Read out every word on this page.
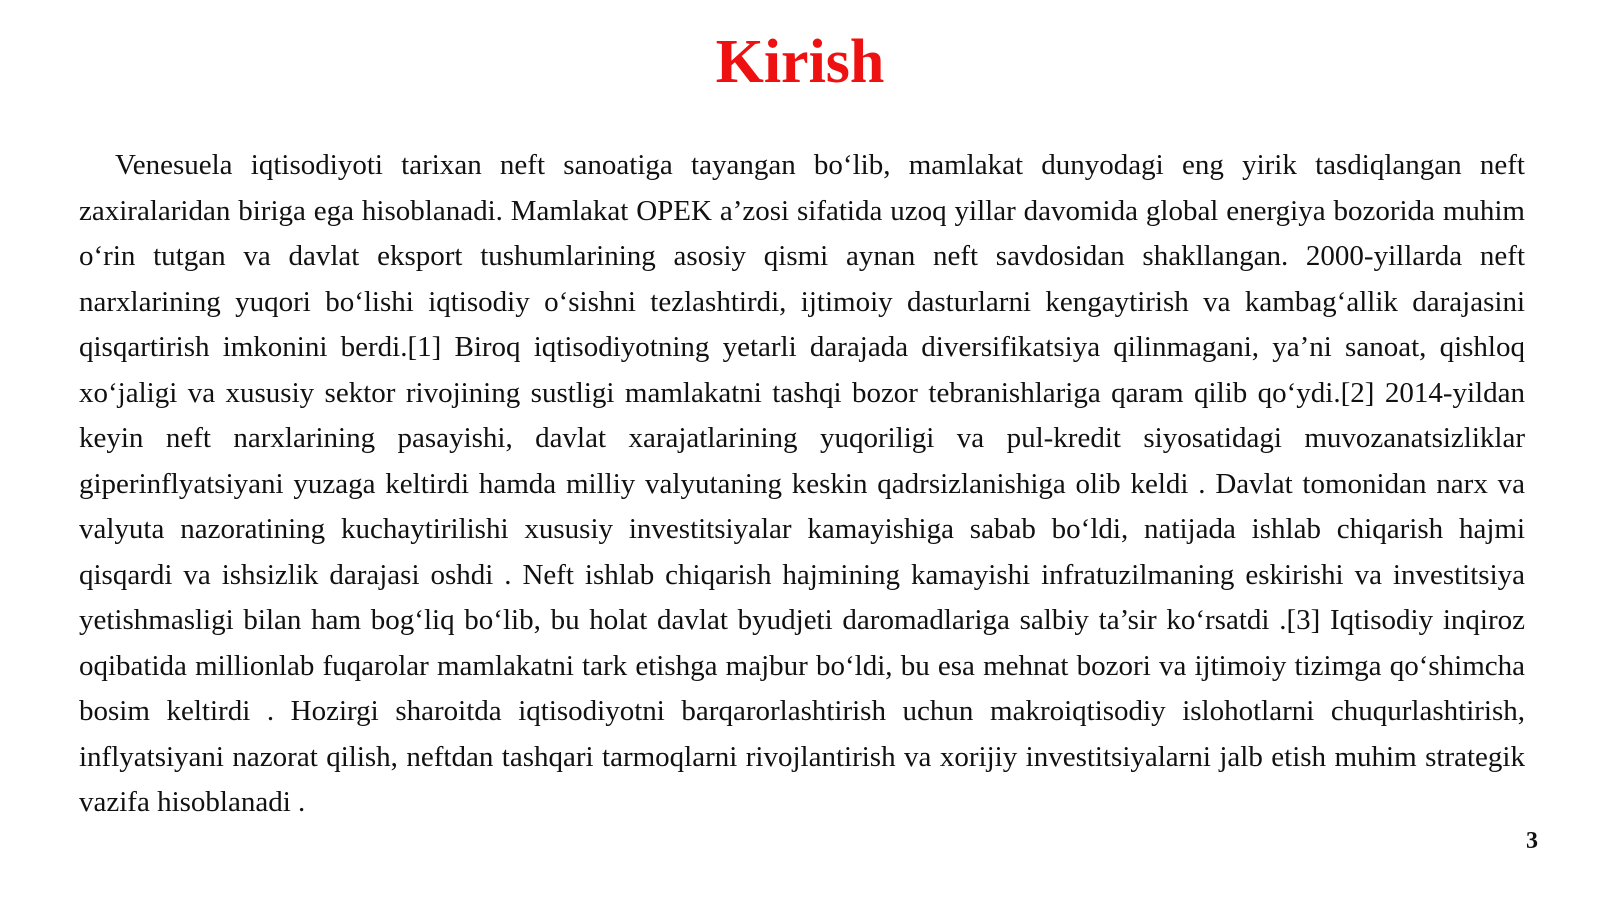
Kirish

Venesuela iqtisodiyoti tarixan neft sanoatiga tayangan bo‘lib, mamlakat dunyodagi eng yirik tasdiqlangan neft zaxiralaridan biriga ega hisoblanadi. Mamlakat OPEK a’zosi sifatida uzoq yillar davomida global energiya bozorida muhim o‘rin tutgan va davlat eksport tushumlarining asosiy qismi aynan neft savdosidan shakllangan. 2000-yillarda neft narxlarining yuqori bo‘lishi iqtisodiy o‘sishni tezlashtirdi, ijtimoiy dasturlarni kengaytirish va kambag‘allik darajasini qisqartirish imkonini berdi.[1] Biroq iqtisodiyotning yetarli darajada diversifikatsiya qilinmagani, ya’ni sanoat, qishloq xo‘jaligi va xususiy sektor rivojining sustligi mamlakatni tashqi bozor tebranishlariga qaram qilib qo‘ydi.[2] 2014-yildan keyin neft narxlarining pasayishi, davlat xarajatlarining yuqoriligi va pul-kredit siyosatidagi muvozanatsizliklar giperinflyatsiyani yuzaga keltirdi hamda milliy valyutaning keskin qadrsizlanishiga olib keldi . Davlat tomonidan narx va valyuta nazoratining kuchaytirilishi xususiy investitsiyalar kamayishiga sabab bo‘ldi, natijada ishlab chiqarish hajmi qisqardi va ishsizlik darajasi oshdi . Neft ishlab chiqarish hajmining kamayishi infratuzilmaning eskirishi va investitsiya yetishmasligi bilan ham bog‘liq bo‘lib, bu holat davlat byudjeti daromadlariga salbiy ta’sir ko‘rsatdi .[3] Iqtisodiy inqiroz oqibatida millionlab fuqarolar mamlakatni tark etishga majbur bo‘ldi, bu esa mehnat bozori va ijtimoiy tizimga qo‘shimcha bosim keltirdi . Hozirgi sharoitda iqtisodiyotni barqarorlashtirish uchun makroiqtisodiy islohotlarni chuqurlashtirish, inflyatsiyani nazorat qilish, neftdan tashqari tarmoqlarni rivojlantirish va xorijiy investitsiyalarni jalb etish muhim strategik vazifa hisoblanadi .

3
